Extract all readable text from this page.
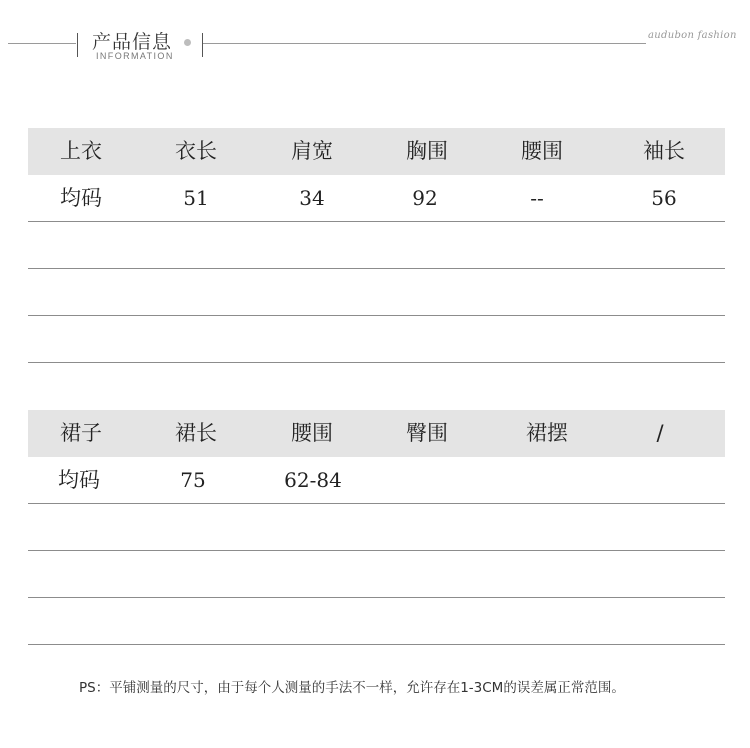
产品信息
INFORMATION
audubon fashion
上衣	衣长	肩宽	胸围	腰围	袖长
均码	51	34	92	--	56
裙子	裙长	腰围	臀围	裙摆	/
均码	75	62-84
PS：平铺测量的尺寸，由于每个人测量的手法不一样，允许存在1-3CM的误差属正常范围。
